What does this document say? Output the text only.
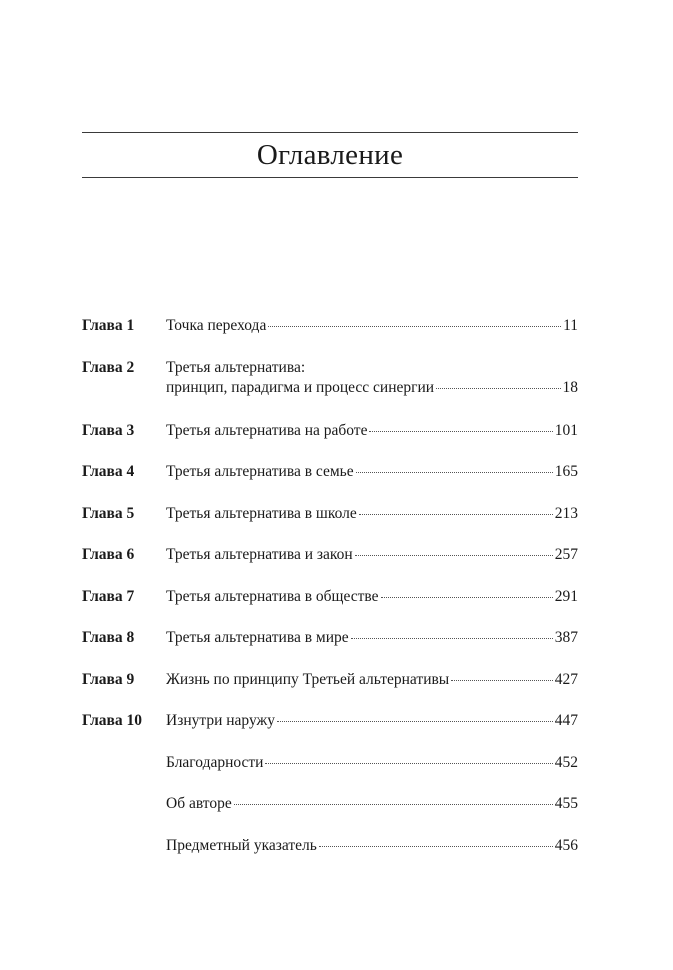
Оглавление
Глава 1 Точка перехода	11
Глава 2 Третья альтернатива:
принцип, парадигма и процесс синергии	18
Глава 3 Третья альтернатива на работе	101
Глава 4 Третья альтернатива в семье	165
Глава 5 Третья альтернатива в школе	213
Глава 6 Третья альтернатива и закон	257
Глава 7 Третья альтернатива в обществе	291
Глава 8 Третья альтернатива в мире	387
Глава 9 Жизнь по принципу Третьей альтернативы	427
Глава 10 Изнутри наружу	447
Благодарности	452
Об авторе	455
Предметный указатель	456
